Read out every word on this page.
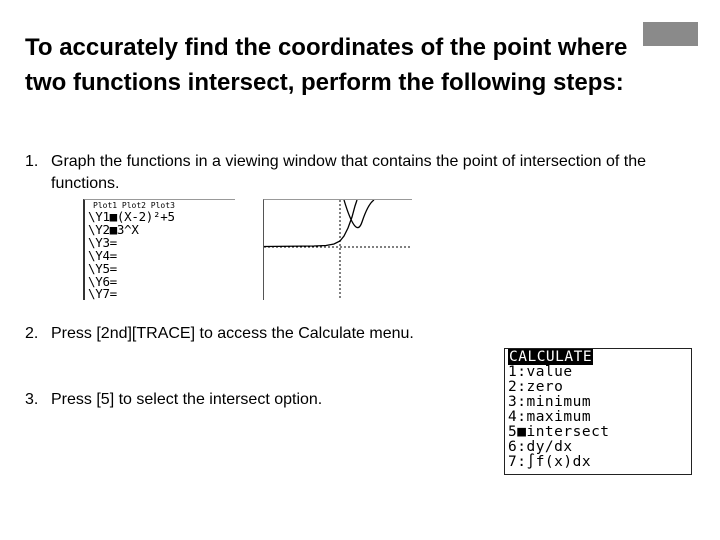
To accurately find the coordinates of the point where two functions intersect, perform the following steps:
1. Graph the functions in a viewing window that contains the point of intersection of the functions.

Plot1 Plot2 Plot3

\Y1■(X-2)²+5

\Y2■3^X

\Y3=

\Y4=

\Y5=

\Y6=

\Y7=

2. Press [2nd][TRACE] to access the Calculate menu.
3. Press [5] to select the intersect option.

CALCULATE

1:value

2:zero

3:minimum

4:maximum

5■intersect

6:dy/dx

7:∫f(x)dx
